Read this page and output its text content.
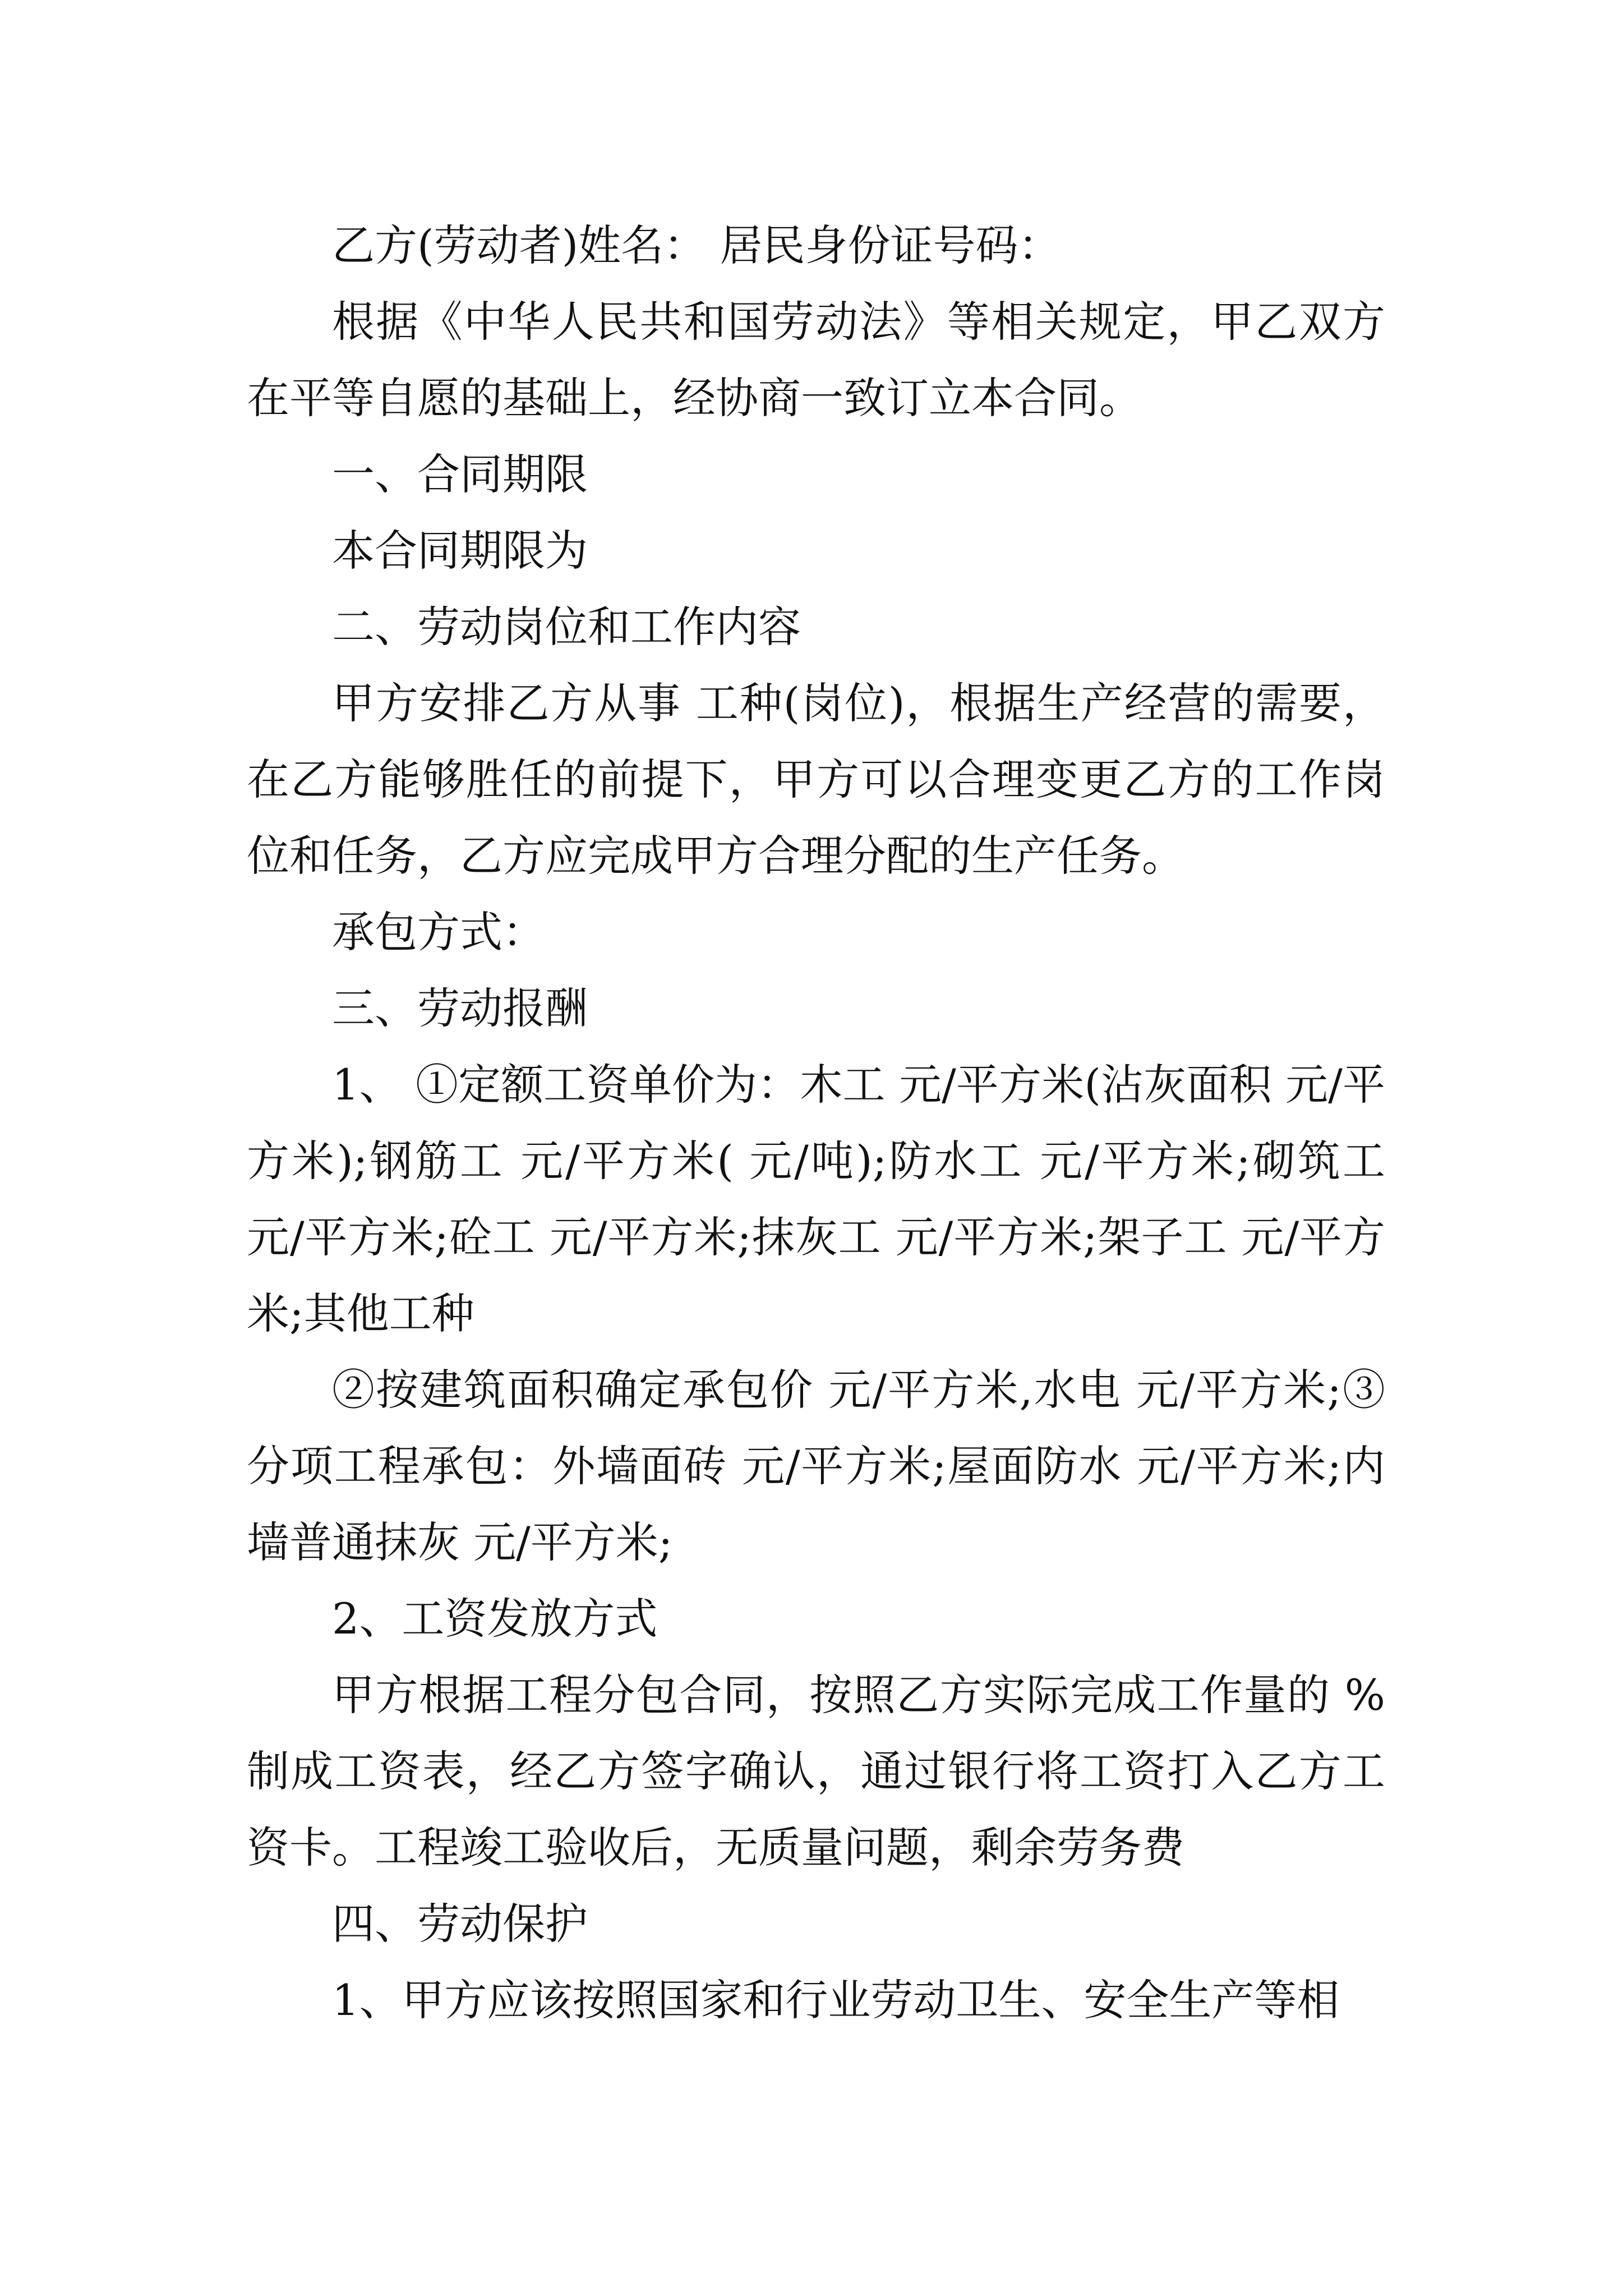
乙方(劳动者)姓名： 居民身份证号码：

根据《中华人民共和国劳动法》等相关规定，甲乙双方在平等自愿的基础上，经协商一致订立本合同。

一、合同期限

本合同期限为

二、劳动岗位和工作内容

甲方安排乙方从事 工种(岗位)，根据生产经营的需要，在乙方能够胜任的前提下，甲方可以合理变更乙方的工作岗位和任务，乙方应完成甲方合理分配的生产任务。

承包方式：

三、劳动报酬

1、 ①定额工资单价为：木工 元/平方米(沾灰面积 元/平方米);钢筋工 元/平方米( 元/吨);防水工 元/平方米;砌筑工 元/平方米;砼工 元/平方米;抹灰工 元/平方米;架子工 元/平方米;其他工种

②按建筑面积确定承包价 元/平方米,水电 元/平方米;③分项工程承包：外墙面砖 元/平方米;屋面防水 元/平方米;内墙普通抹灰 元/平方米;

2、工资发放方式

甲方根据工程分包合同，按照乙方实际完成工作量的 %制成工资表，经乙方签字确认，通过银行将工资打入乙方工资卡。工程竣工验收后，无质量问题，剩余劳务费

四、劳动保护

1、甲方应该按照国家和行业劳动卫生、安全生产等相
